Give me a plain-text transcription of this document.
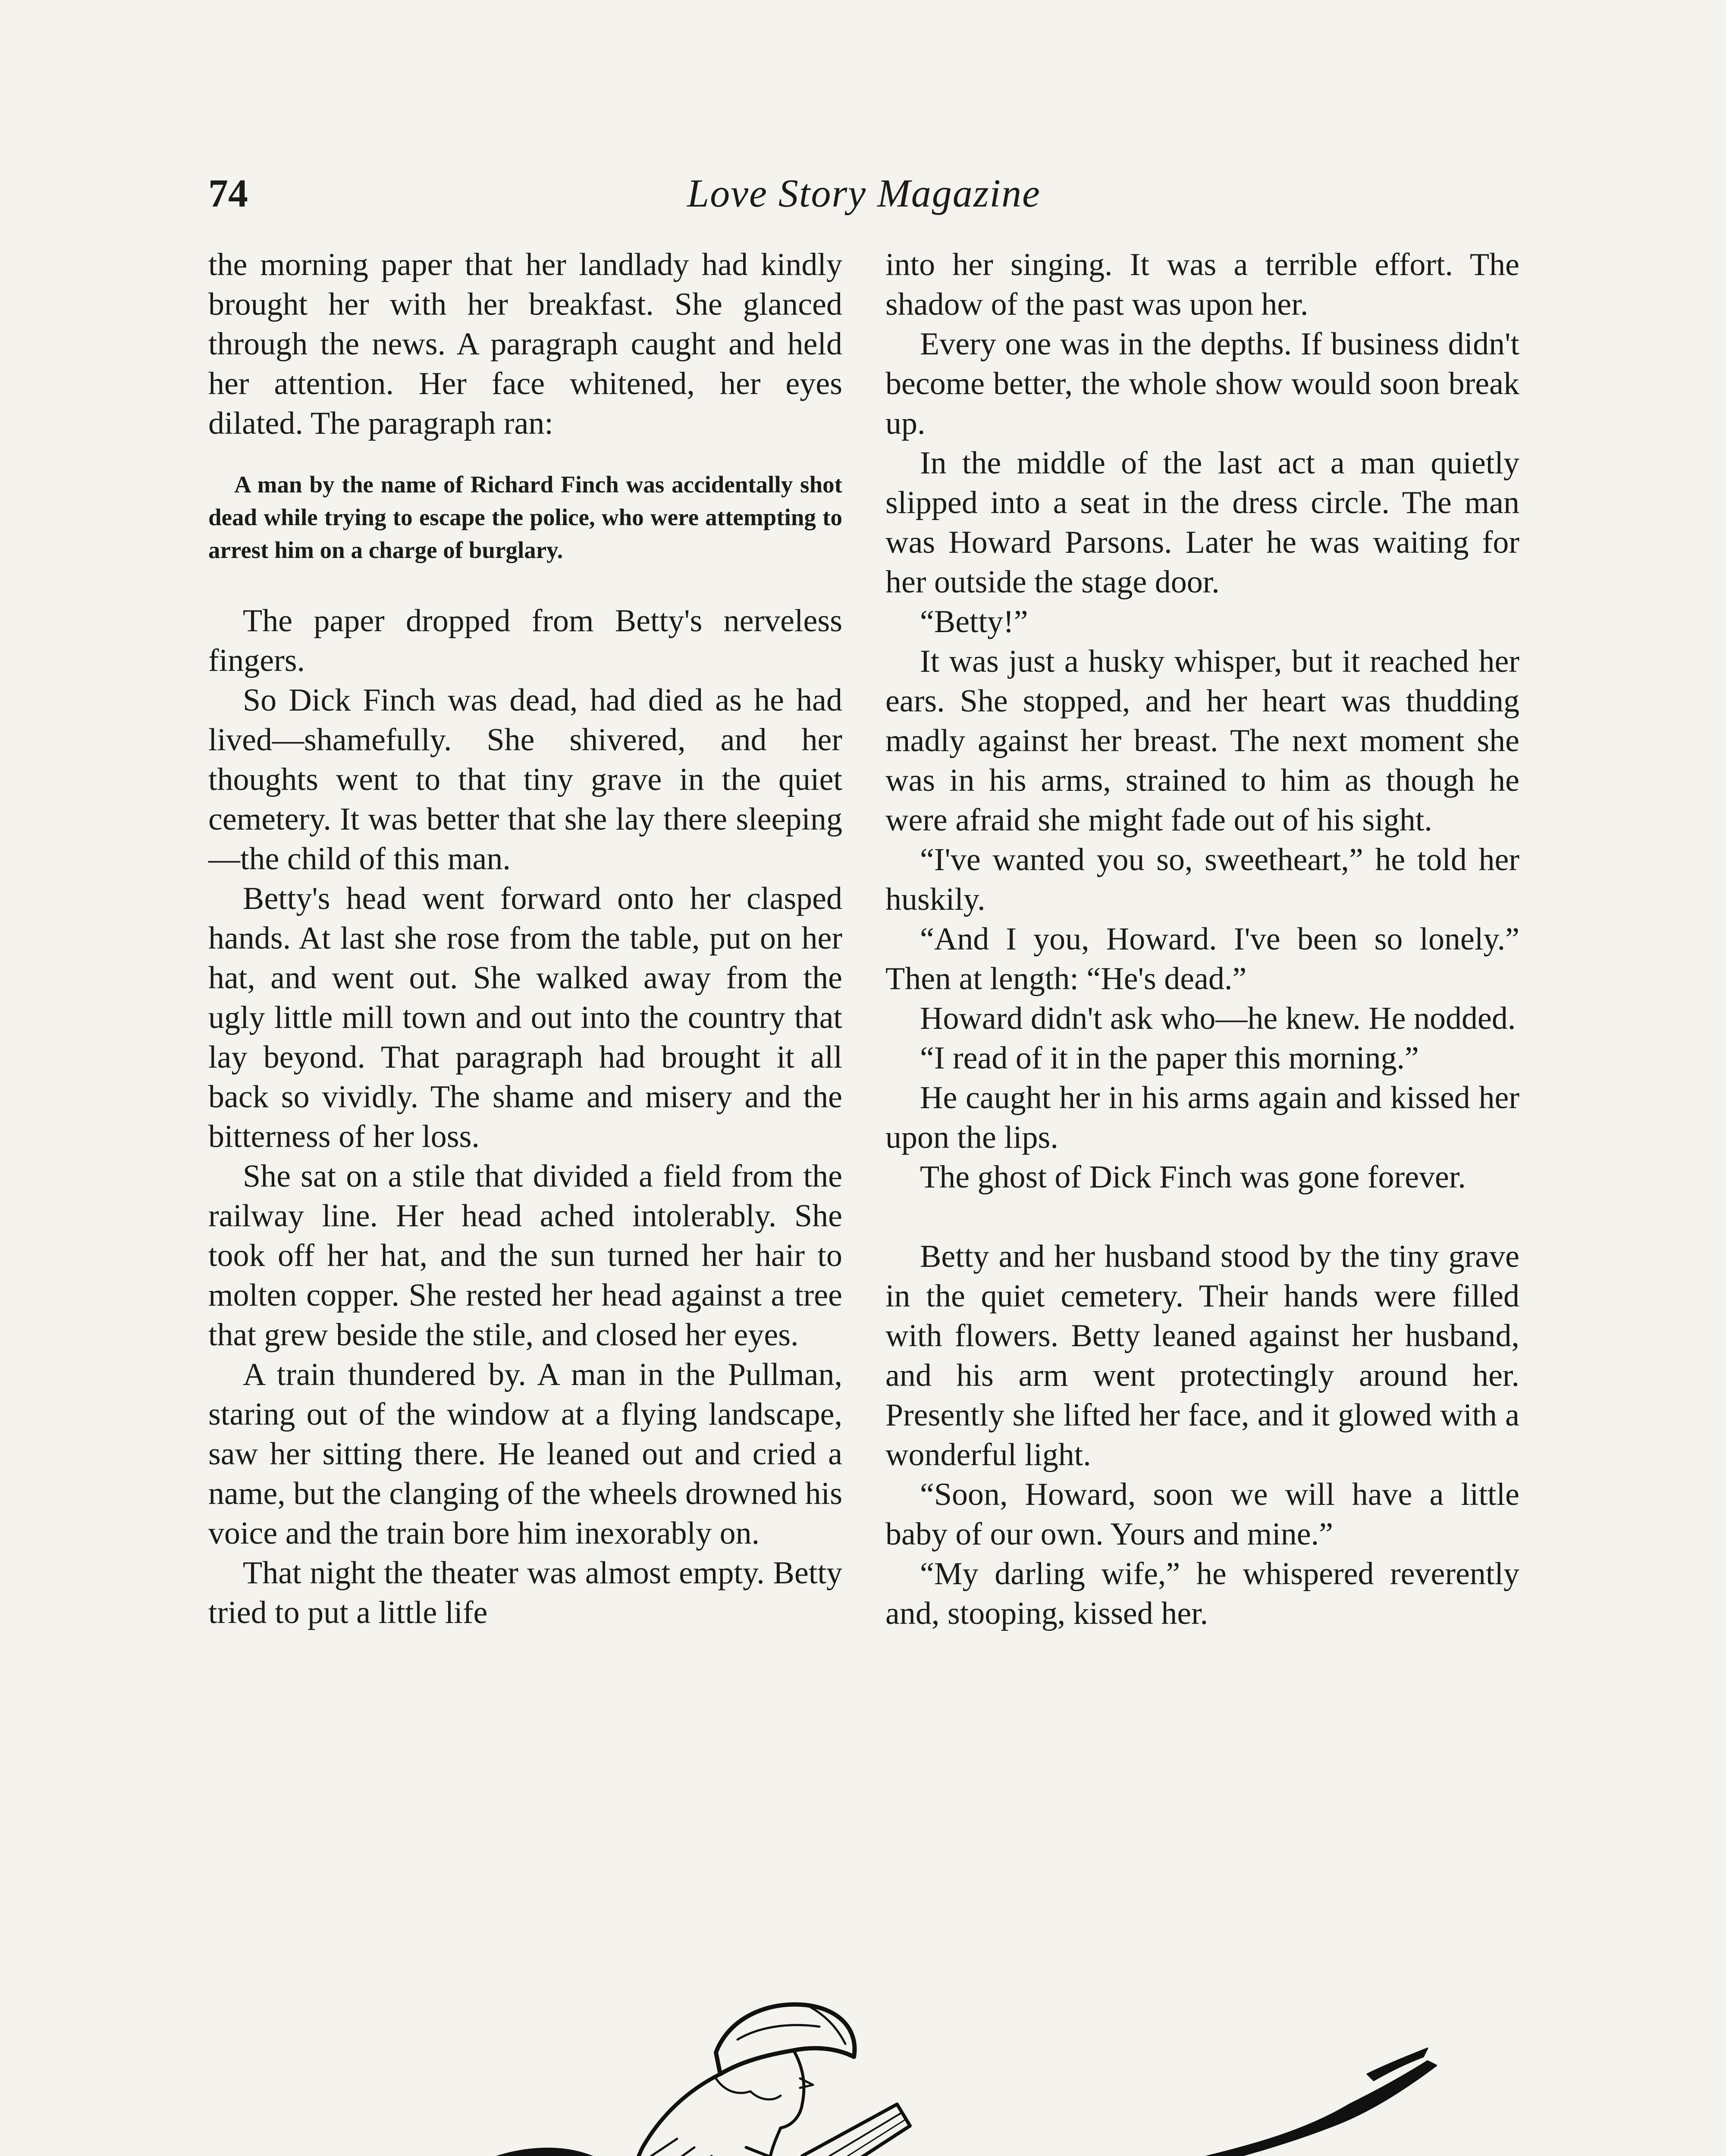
74	Love Story Magazine

the morning paper that her landlady had kindly brought her with her breakfast. She glanced through the news. A paragraph caught and held her attention. Her face whitened, her eyes dilated. The paragraph ran:

A man by the name of Richard Finch was accidentally shot dead while trying to escape the police, who were attempting to arrest him on a charge of burglary.

The paper dropped from Betty's nerveless fingers.

So Dick Finch was dead, had died as he had lived—shamefully. She shivered, and her thoughts went to that tiny grave in the quiet cemetery. It was better that she lay there sleeping—the child of this man.

Betty's head went forward onto her clasped hands. At last she rose from the table, put on her hat, and went out. She walked away from the ugly little mill town and out into the country that lay beyond. That paragraph had brought it all back so vividly. The shame and misery and the bitterness of her loss.

She sat on a stile that divided a field from the railway line. Her head ached intolerably. She took off her hat, and the sun turned her hair to molten copper. She rested her head against a tree that grew beside the stile, and closed her eyes.

A train thundered by. A man in the Pullman, staring out of the window at a flying landscape, saw her sitting there. He leaned out and cried a name, but the clanging of the wheels drowned his voice and the train bore him inexorably on.

That night the theater was almost empty. Betty tried to put a little life

into her singing. It was a terrible effort. The shadow of the past was upon her.

Every one was in the depths. If business didn't become better, the whole show would soon break up.

In the middle of the last act a man quietly slipped into a seat in the dress circle. The man was Howard Parsons. Later he was waiting for her outside the stage door.

“Betty!”

It was just a husky whisper, but it reached her ears. She stopped, and her heart was thudding madly against her breast. The next moment she was in his arms, strained to him as though he were afraid she might fade out of his sight.

“I've wanted you so, sweetheart,” he told her huskily.

“And I you, Howard. I've been so lonely.” Then at length: “He's dead.”

Howard didn't ask who—he knew. He nodded.

“I read of it in the paper this morning.”

He caught her in his arms again and kissed her upon the lips.

The ghost of Dick Finch was gone forever.

Betty and her husband stood by the tiny grave in the quiet cemetery. Their hands were filled with flowers. Betty leaned against her husband, and his arm went protectingly around her. Presently she lifted her face, and it glowed with a wonderful light.

“Soon, Howard, soon we will have a little baby of our own. Yours and mine.”

“My darling wife,” he whispered reverently and, stooping, kissed her.
